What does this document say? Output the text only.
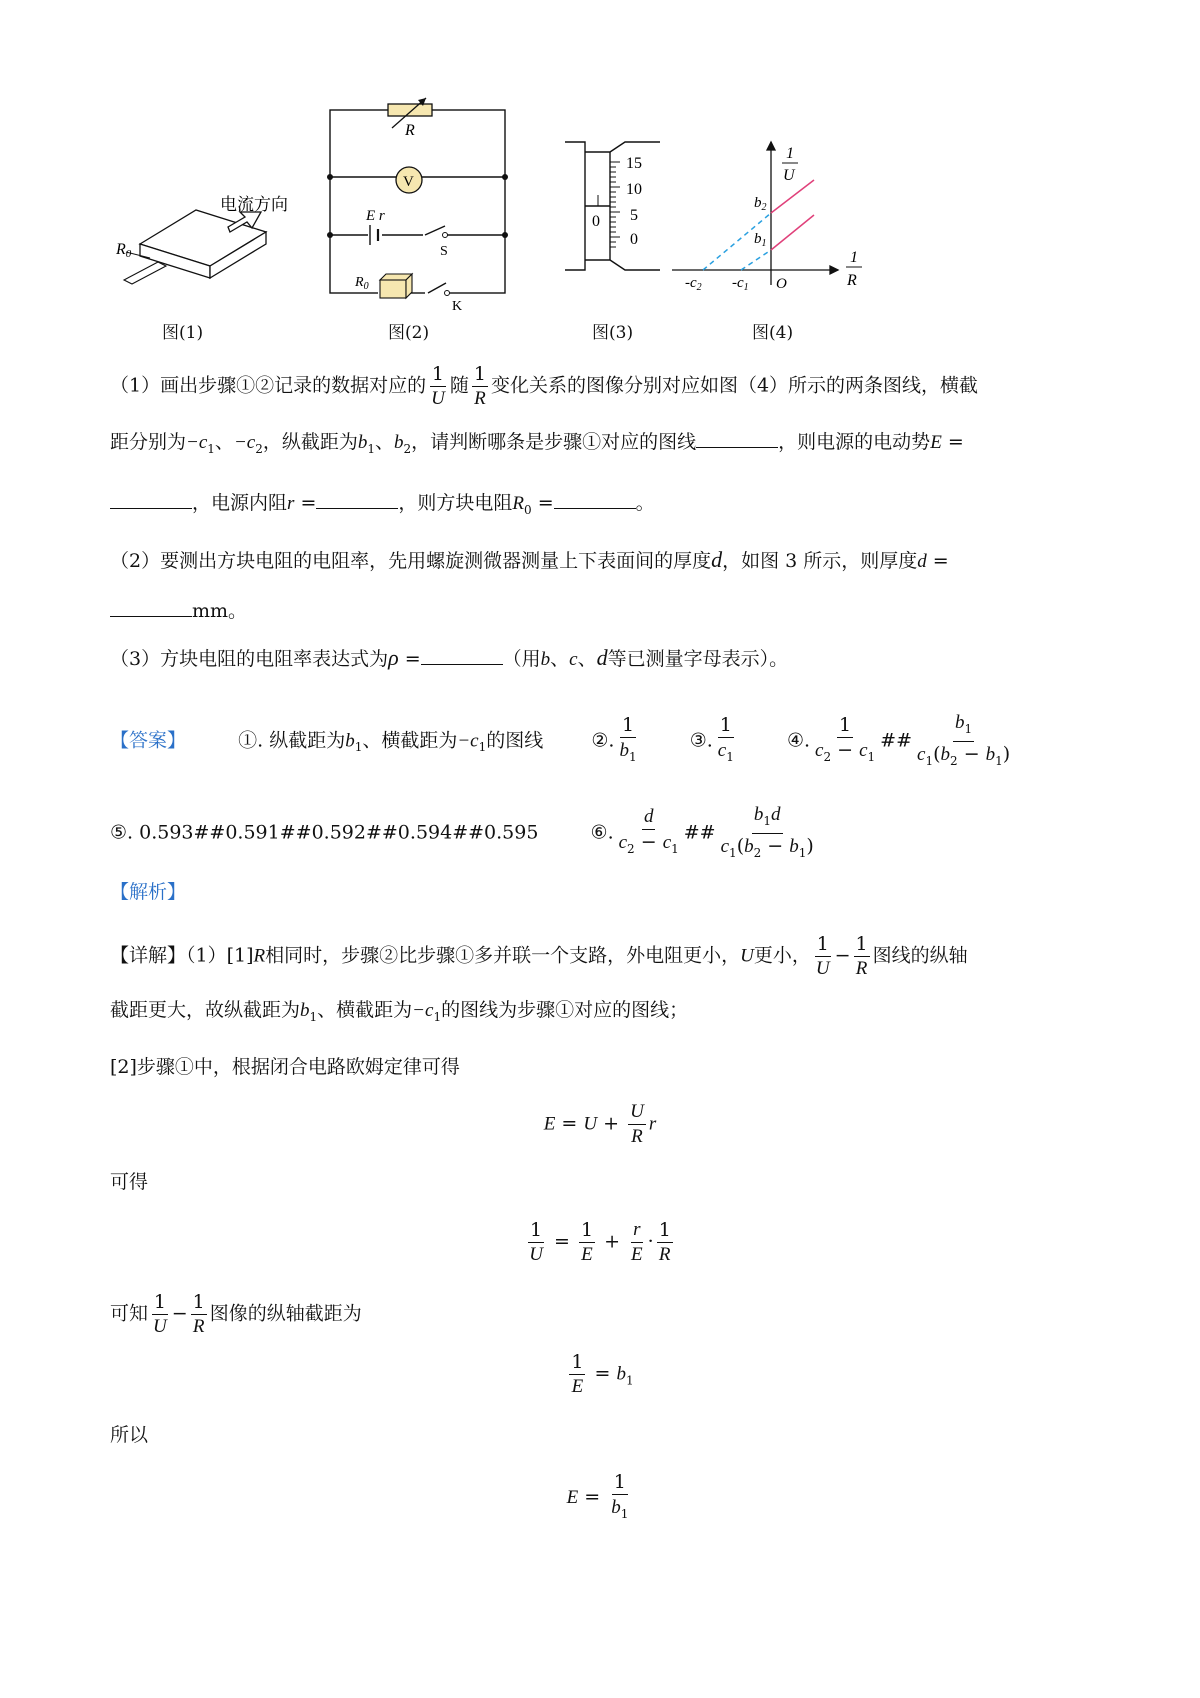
电流方向
R0
R
V
E r
S
$R_0$
K
15
10
5
0
0
1
U
1
R
$b_2$
$b_1$
$-c_2$ $-c_1$ O
图(1)	图(2)	图(3)	图(4)
（1）画出步骤①②记录的数据对应的 $\frac{1}{U}$ 随 $\frac{1}{R}$ 变化关系的图像分别对应如图（4）所示的两条图线，横截
距分别为$-c_1$、$-c_2$，纵截距为$b_1$、$b_2$，请判断哪条是步骤①对应的图线	，则电源的电动势E =
，电源内阻r =	，则方块电阻$R_0$ =	。
（2）要测出方块电阻的电阻率，先用螺旋测微器测量上下表面间的厚度d，如图 3 所示，则厚度d =
mm。
（3）方块电阻的电阻率表达式为ρ =	（用b、c、d等已测量字母表示）。
【答案】	①. 纵截距为$b_1$、横截距为$-c_1$的图线	②. $\frac{1}{b_1}$	③. $\frac{1}{c_1}$	④. $\frac{1}{c_2 - c_1}$ ## $\frac{b_1}{c_1(b_2 - b_1)}$
⑤. 0.593##0.591##0.592##0.594##0.595	⑥. $\frac{d}{c_2 - c_1}$ ## $\frac{b_1d}{c_1(b_2 - b_1)}$
【解析】
【详解】（1）[1]R相同时，步骤②比步骤①多并联一个支路，外电阻更小，U更小， $\frac{1}{U} - \frac{1}{R}$ 图线的纵轴
截距更大，故纵截距为$b_1$、横截距为$-c_1$的图线为步骤①对应的图线；
[2]步骤①中，根据闭合电路欧姆定律可得
$E = U + \frac{U}{R}$ r
可得
$\frac{1}{U} = \frac{1}{E} + \frac{r}{E} \cdot \frac{1}{R}$
可知 $\frac{1}{U} - \frac{1}{R}$ 图像的纵轴截距为
$\frac{1}{E} = b_1$
所以
$E = \frac{1}{b_1}$
